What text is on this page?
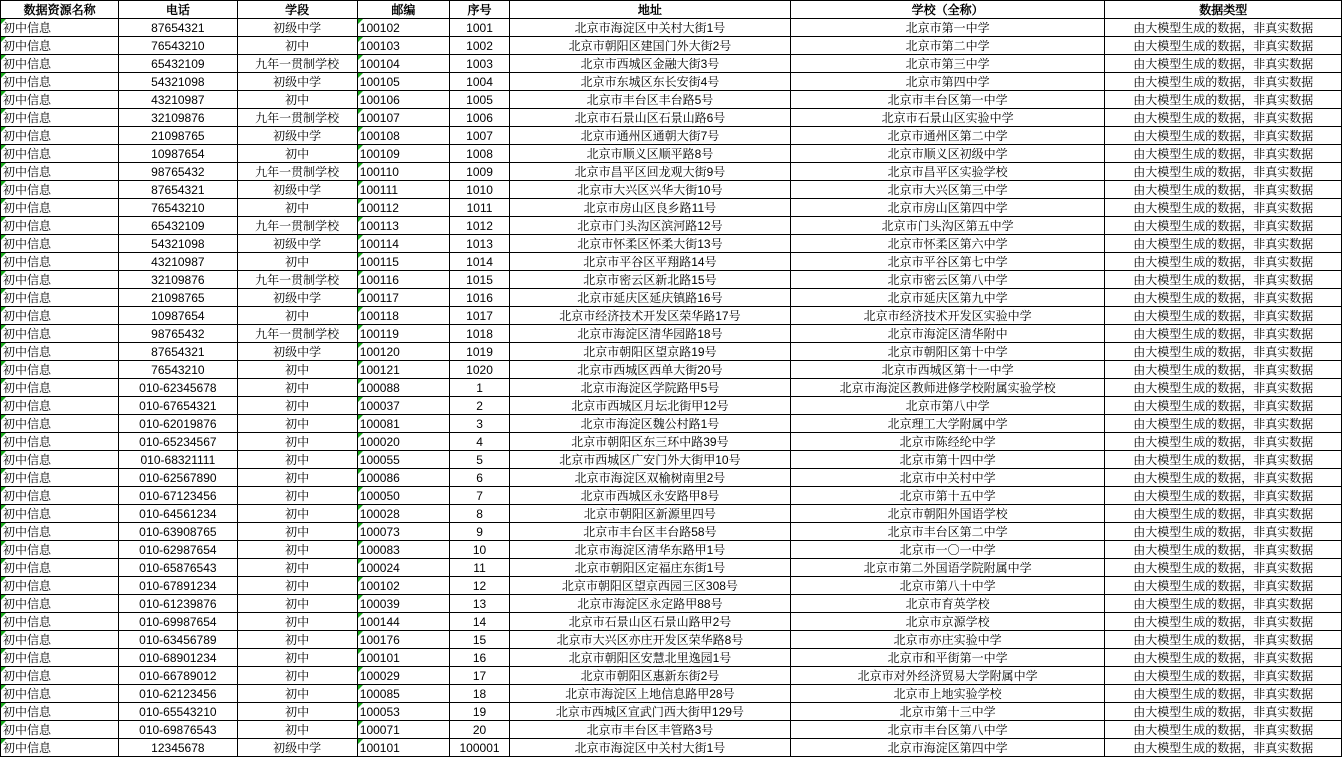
数据资源名称	电话	学段	邮编	序号	地址	学校（全称）	数据类型

初中信息	87654321	初级中学	100102	1001	北京市海淀区中关村大街1号	北京市第一中学	由大模型生成的数据，非真实数据

初中信息	76543210	初中	100103	1002	北京市朝阳区建国门外大街2号	北京市第二中学	由大模型生成的数据，非真实数据

初中信息	65432109	九年一贯制学校	100104	1003	北京市西城区金融大街3号	北京市第三中学	由大模型生成的数据，非真实数据

初中信息	54321098	初级中学	100105	1004	北京市东城区东长安街4号	北京市第四中学	由大模型生成的数据，非真实数据

初中信息	43210987	初中	100106	1005	北京市丰台区丰台路5号	北京市丰台区第一中学	由大模型生成的数据，非真实数据

初中信息	32109876	九年一贯制学校	100107	1006	北京市石景山区石景山路6号	北京市石景山区实验中学	由大模型生成的数据，非真实数据

初中信息	21098765	初级中学	100108	1007	北京市通州区通朝大街7号	北京市通州区第二中学	由大模型生成的数据，非真实数据

初中信息	10987654	初中	100109	1008	北京市顺义区顺平路8号	北京市顺义区初级中学	由大模型生成的数据，非真实数据

初中信息	98765432	九年一贯制学校	100110	1009	北京市昌平区回龙观大街9号	北京市昌平区实验学校	由大模型生成的数据，非真实数据

初中信息	87654321	初级中学	100111	1010	北京市大兴区兴华大街10号	北京市大兴区第三中学	由大模型生成的数据，非真实数据

初中信息	76543210	初中	100112	1011	北京市房山区良乡路11号	北京市房山区第四中学	由大模型生成的数据，非真实数据

初中信息	65432109	九年一贯制学校	100113	1012	北京市门头沟区滨河路12号	北京市门头沟区第五中学	由大模型生成的数据，非真实数据

初中信息	54321098	初级中学	100114	1013	北京市怀柔区怀柔大街13号	北京市怀柔区第六中学	由大模型生成的数据，非真实数据

初中信息	43210987	初中	100115	1014	北京市平谷区平翔路14号	北京市平谷区第七中学	由大模型生成的数据，非真实数据

初中信息	32109876	九年一贯制学校	100116	1015	北京市密云区新北路15号	北京市密云区第八中学	由大模型生成的数据，非真实数据

初中信息	21098765	初级中学	100117	1016	北京市延庆区延庆镇路16号	北京市延庆区第九中学	由大模型生成的数据，非真实数据

初中信息	10987654	初中	100118	1017	北京市经济技术开发区荣华路17号	北京市经济技术开发区实验中学	由大模型生成的数据，非真实数据

初中信息	98765432	九年一贯制学校	100119	1018	北京市海淀区清华园路18号	北京市海淀区清华附中	由大模型生成的数据，非真实数据

初中信息	87654321	初级中学	100120	1019	北京市朝阳区望京路19号	北京市朝阳区第十中学	由大模型生成的数据，非真实数据

初中信息	76543210	初中	100121	1020	北京市西城区西单大街20号	北京市西城区第十一中学	由大模型生成的数据，非真实数据

初中信息	010-62345678	初中	100088	1	北京市海淀区学院路甲5号	北京市海淀区教师进修学校附属实验学校	由大模型生成的数据，非真实数据

初中信息	010-67654321	初中	100037	2	北京市西城区月坛北街甲12号	北京市第八中学	由大模型生成的数据，非真实数据

初中信息	010-62019876	初中	100081	3	北京市海淀区魏公村路1号	北京理工大学附属中学	由大模型生成的数据，非真实数据

初中信息	010-65234567	初中	100020	4	北京市朝阳区东三环中路39号	北京市陈经纶中学	由大模型生成的数据，非真实数据

初中信息	010-68321111	初中	100055	5	北京市西城区广安门外大街甲10号	北京市第十四中学	由大模型生成的数据，非真实数据

初中信息	010-62567890	初中	100086	6	北京市海淀区双榆树南里2号	北京市中关村中学	由大模型生成的数据，非真实数据

初中信息	010-67123456	初中	100050	7	北京市西城区永安路甲8号	北京市第十五中学	由大模型生成的数据，非真实数据

初中信息	010-64561234	初中	100028	8	北京市朝阳区新源里四号	北京市朝阳外国语学校	由大模型生成的数据，非真实数据

初中信息	010-63908765	初中	100073	9	北京市丰台区丰台路58号	北京市丰台区第二中学	由大模型生成的数据，非真实数据

初中信息	010-62987654	初中	100083	10	北京市海淀区清华东路甲1号	北京市一〇一中学	由大模型生成的数据，非真实数据

初中信息	010-65876543	初中	100024	11	北京市朝阳区定福庄东街1号	北京市第二外国语学院附属中学	由大模型生成的数据，非真实数据

初中信息	010-67891234	初中	100102	12	北京市朝阳区望京西园三区308号	北京市第八十中学	由大模型生成的数据，非真实数据

初中信息	010-61239876	初中	100039	13	北京市海淀区永定路甲88号	北京市育英学校	由大模型生成的数据，非真实数据

初中信息	010-69987654	初中	100144	14	北京市石景山区石景山路甲2号	北京市京源学校	由大模型生成的数据，非真实数据

初中信息	010-63456789	初中	100176	15	北京市大兴区亦庄开发区荣华路8号	北京市亦庄实验中学	由大模型生成的数据，非真实数据

初中信息	010-68901234	初中	100101	16	北京市朝阳区安慧北里逸园1号	北京市和平街第一中学	由大模型生成的数据，非真实数据

初中信息	010-66789012	初中	100029	17	北京市朝阳区惠新东街2号	北京市对外经济贸易大学附属中学	由大模型生成的数据，非真实数据

初中信息	010-62123456	初中	100085	18	北京市海淀区上地信息路甲28号	北京市上地实验学校	由大模型生成的数据，非真实数据

初中信息	010-65543210	初中	100053	19	北京市西城区宣武门西大街甲129号	北京市第十三中学	由大模型生成的数据，非真实数据

初中信息	010-69876543	初中	100071	20	北京市丰台区丰管路3号	北京市丰台区第八中学	由大模型生成的数据，非真实数据

初中信息	12345678	初级中学	100101	100001	北京市海淀区中关村大街1号	北京市海淀区第四中学	由大模型生成的数据，非真实数据
